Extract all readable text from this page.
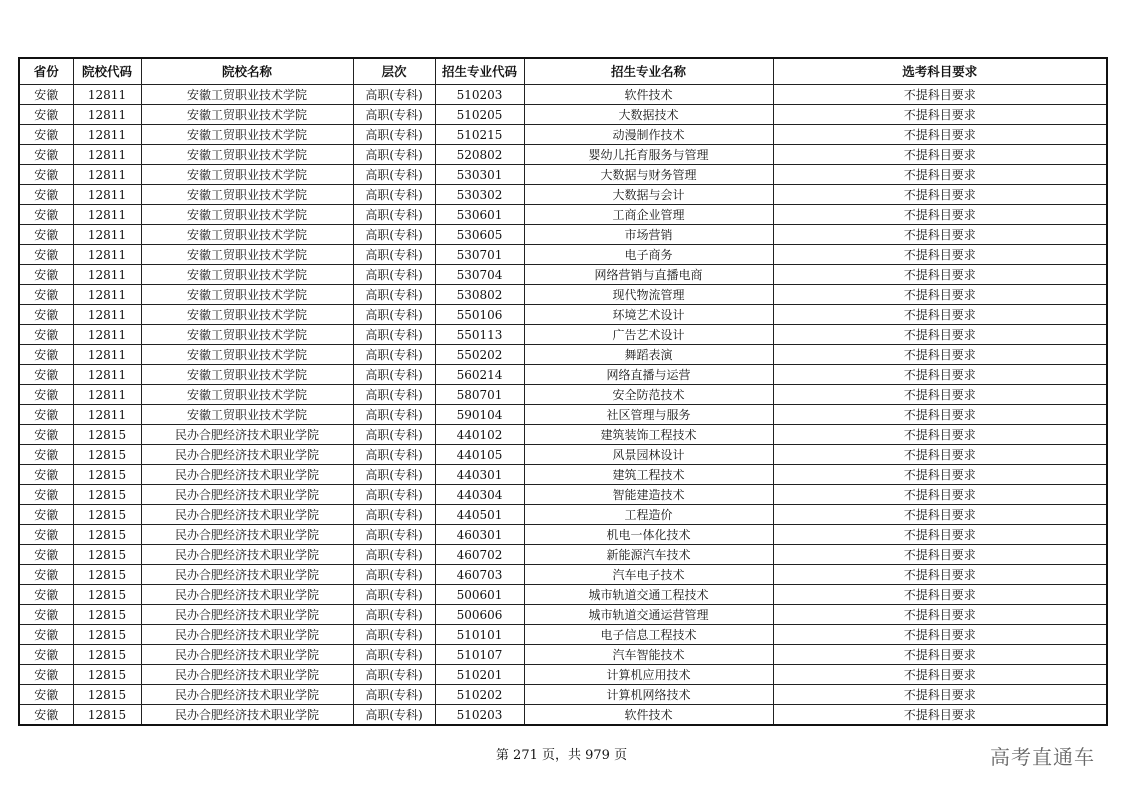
省份	院校代码	院校名称	层次	招生专业代码	招生专业名称	选考科目要求
安徽	12811	安徽工贸职业技术学院	高职(专科)	510203	软件技术	不提科目要求
安徽	12811	安徽工贸职业技术学院	高职(专科)	510205	大数据技术	不提科目要求
安徽	12811	安徽工贸职业技术学院	高职(专科)	510215	动漫制作技术	不提科目要求
安徽	12811	安徽工贸职业技术学院	高职(专科)	520802	婴幼儿托育服务与管理	不提科目要求
安徽	12811	安徽工贸职业技术学院	高职(专科)	530301	大数据与财务管理	不提科目要求
安徽	12811	安徽工贸职业技术学院	高职(专科)	530302	大数据与会计	不提科目要求
安徽	12811	安徽工贸职业技术学院	高职(专科)	530601	工商企业管理	不提科目要求
安徽	12811	安徽工贸职业技术学院	高职(专科)	530605	市场营销	不提科目要求
安徽	12811	安徽工贸职业技术学院	高职(专科)	530701	电子商务	不提科目要求
安徽	12811	安徽工贸职业技术学院	高职(专科)	530704	网络营销与直播电商	不提科目要求
安徽	12811	安徽工贸职业技术学院	高职(专科)	530802	现代物流管理	不提科目要求
安徽	12811	安徽工贸职业技术学院	高职(专科)	550106	环境艺术设计	不提科目要求
安徽	12811	安徽工贸职业技术学院	高职(专科)	550113	广告艺术设计	不提科目要求
安徽	12811	安徽工贸职业技术学院	高职(专科)	550202	舞蹈表演	不提科目要求
安徽	12811	安徽工贸职业技术学院	高职(专科)	560214	网络直播与运营	不提科目要求
安徽	12811	安徽工贸职业技术学院	高职(专科)	580701	安全防范技术	不提科目要求
安徽	12811	安徽工贸职业技术学院	高职(专科)	590104	社区管理与服务	不提科目要求
安徽	12815	民办合肥经济技术职业学院	高职(专科)	440102	建筑装饰工程技术	不提科目要求
安徽	12815	民办合肥经济技术职业学院	高职(专科)	440105	风景园林设计	不提科目要求
安徽	12815	民办合肥经济技术职业学院	高职(专科)	440301	建筑工程技术	不提科目要求
安徽	12815	民办合肥经济技术职业学院	高职(专科)	440304	智能建造技术	不提科目要求
安徽	12815	民办合肥经济技术职业学院	高职(专科)	440501	工程造价	不提科目要求
安徽	12815	民办合肥经济技术职业学院	高职(专科)	460301	机电一体化技术	不提科目要求
安徽	12815	民办合肥经济技术职业学院	高职(专科)	460702	新能源汽车技术	不提科目要求
安徽	12815	民办合肥经济技术职业学院	高职(专科)	460703	汽车电子技术	不提科目要求
安徽	12815	民办合肥经济技术职业学院	高职(专科)	500601	城市轨道交通工程技术	不提科目要求
安徽	12815	民办合肥经济技术职业学院	高职(专科)	500606	城市轨道交通运营管理	不提科目要求
安徽	12815	民办合肥经济技术职业学院	高职(专科)	510101	电子信息工程技术	不提科目要求
安徽	12815	民办合肥经济技术职业学院	高职(专科)	510107	汽车智能技术	不提科目要求
安徽	12815	民办合肥经济技术职业学院	高职(专科)	510201	计算机应用技术	不提科目要求
安徽	12815	民办合肥经济技术职业学院	高职(专科)	510202	计算机网络技术	不提科目要求
安徽	12815	民办合肥经济技术职业学院	高职(专科)	510203	软件技术	不提科目要求
第 271 页，共 979 页	高考直通车
